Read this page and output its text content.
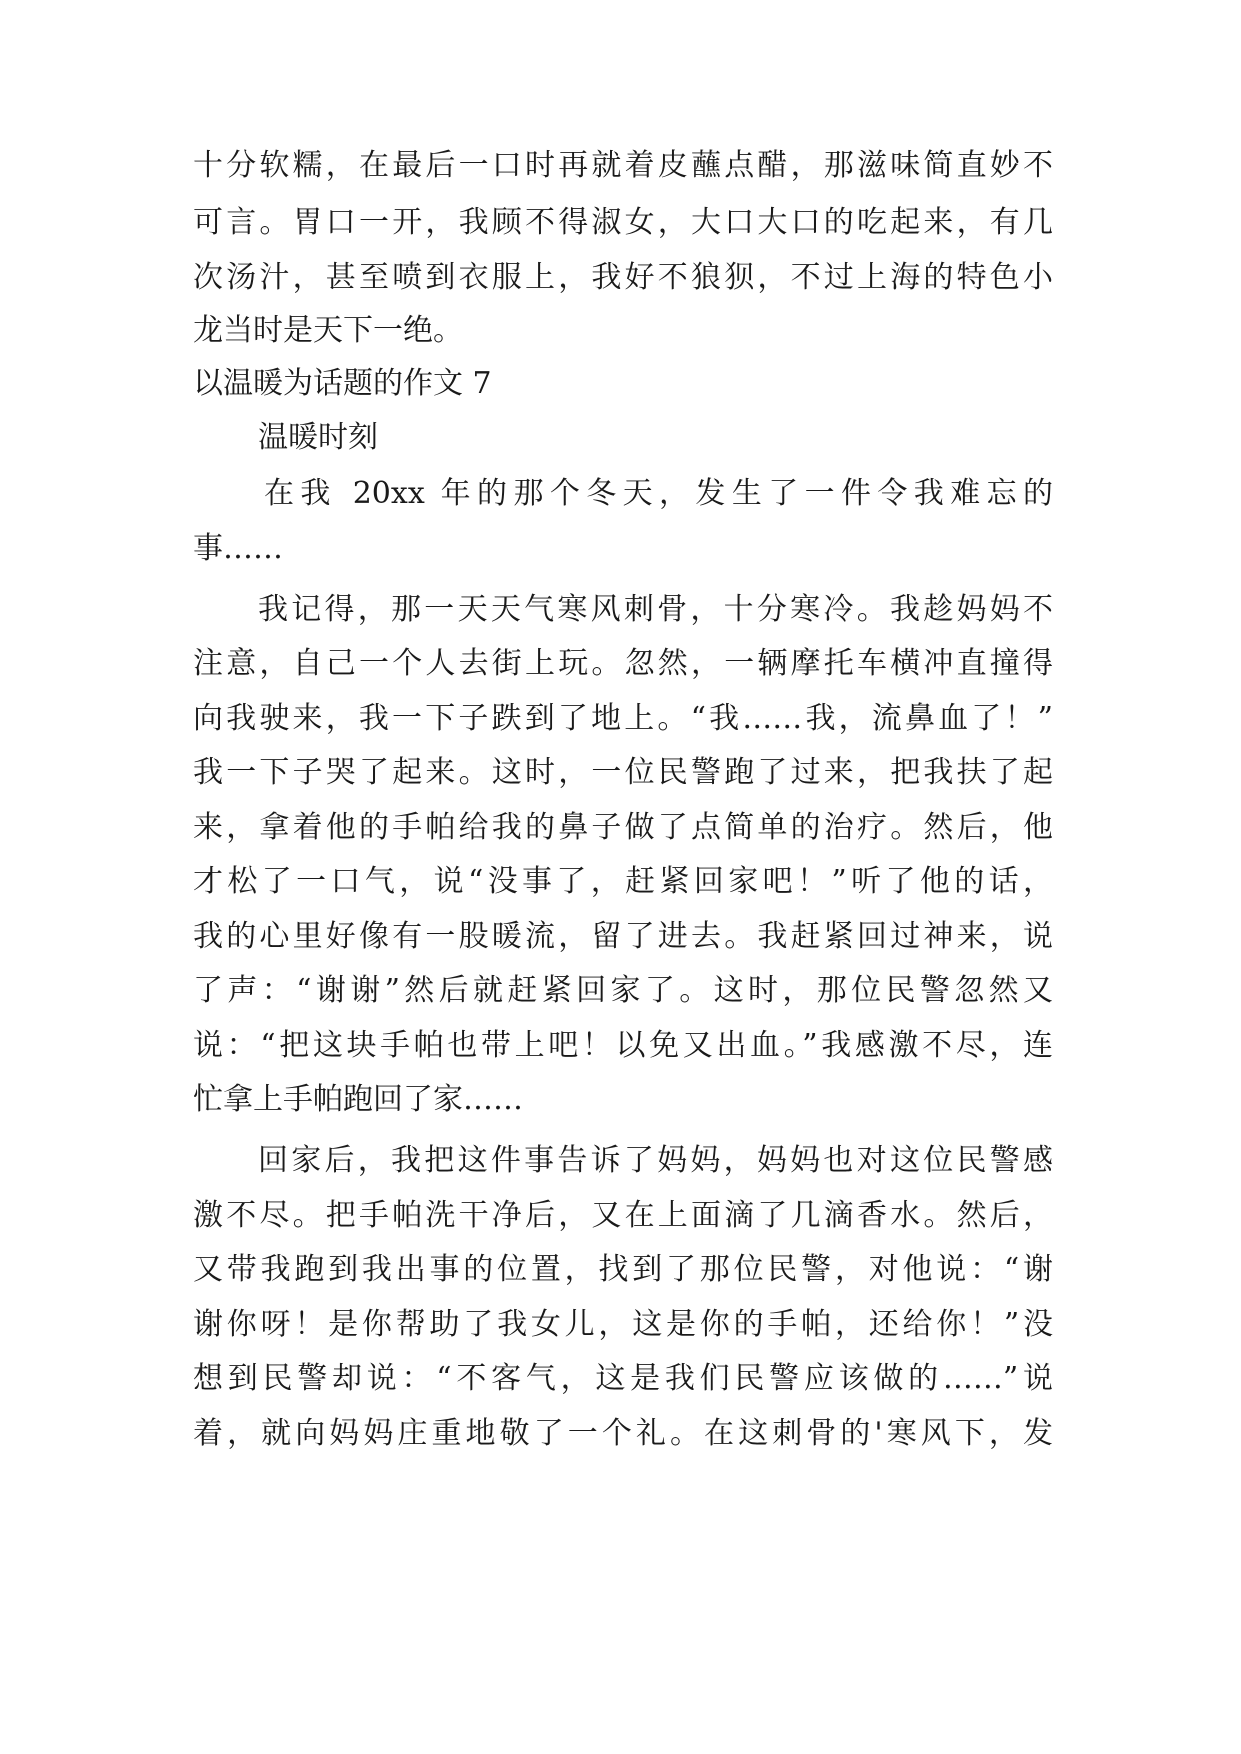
十分软糯，在最后一口时再就着皮蘸点醋，那滋味简直妙不
可言。胃口一开，我顾不得淑女，大口大口的吃起来，有几
次汤汁，甚至喷到衣服上，我好不狼狈，不过上海的特色小
龙当时是天下一绝。
以温暖为话题的作文 7
温暖时刻
在我 20xx 年的那个冬天，发生了一件令我难忘的
事……
我记得，那一天天气寒风刺骨，十分寒冷。我趁妈妈不
注意，自己一个人去街上玩。忽然，一辆摩托车横冲直撞得
向我驶来，我一下子跌到了地上。“我……我，流鼻血了！”
我一下子哭了起来。这时，一位民警跑了过来，把我扶了起
来，拿着他的手帕给我的鼻子做了点简单的治疗。然后，他
才松了一口气，说“没事了，赶紧回家吧！”听了他的话，
我的心里好像有一股暖流，留了进去。我赶紧回过神来，说
了声：“谢谢”然后就赶紧回家了。这时，那位民警忽然又
说：“把这块手帕也带上吧！以免又出血。”我感激不尽，连
忙拿上手帕跑回了家……
回家后，我把这件事告诉了妈妈，妈妈也对这位民警感
激不尽。把手帕洗干净后，又在上面滴了几滴香水。然后，
又带我跑到我出事的位置，找到了那位民警，对他说：“谢
谢你呀！是你帮助了我女儿，这是你的手帕，还给你！”没
想到民警却说：“不客气，这是我们民警应该做的……”说
着，就向妈妈庄重地敬了一个礼。在这刺骨的'寒风下，发
